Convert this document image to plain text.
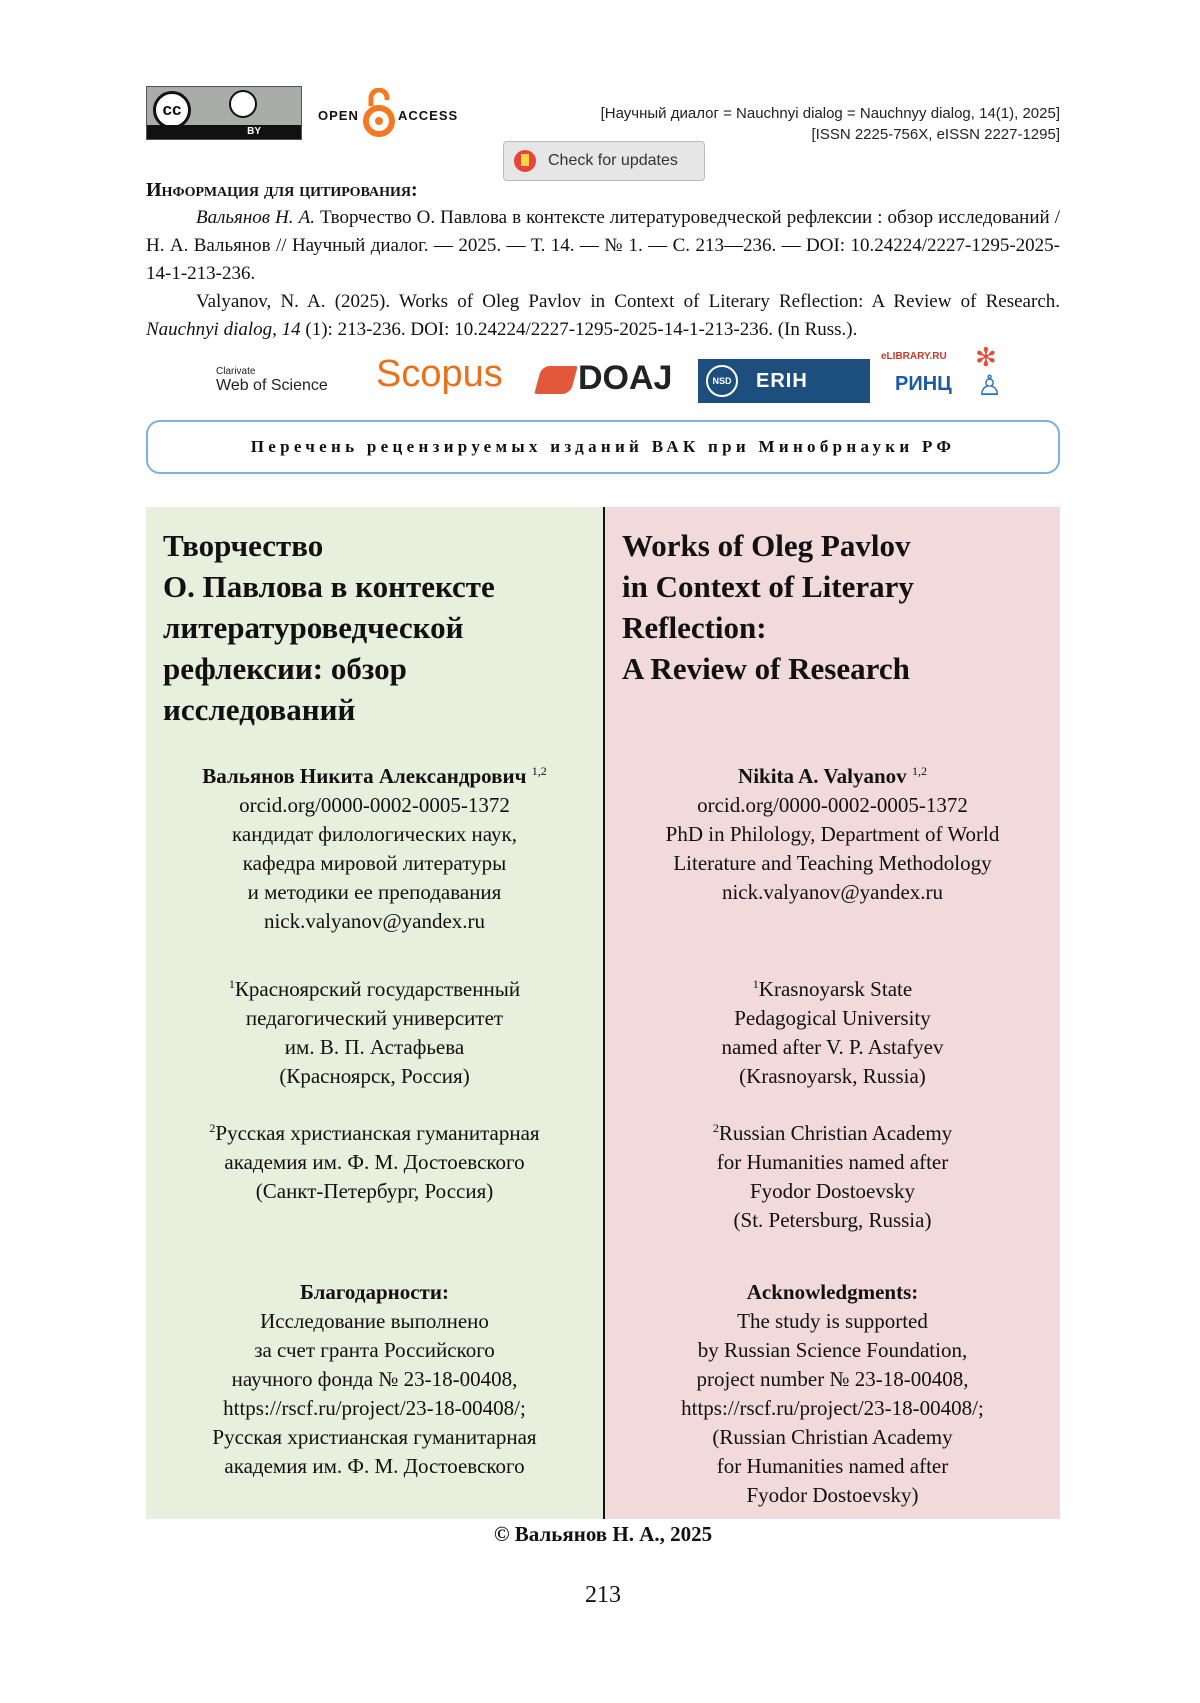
cc
BY
OPEN	ACCESS	[Научный диалог = Nauchnyi dialog = Nauchnyy dialog, 14(1), 2025]
[ISSN 2225-756X, eISSN 2227-1295]
Check for updates
Информация для цитирования:

Вальянов Н. А. Творчество О. Павлова в контексте литературоведческой рефлексии : обзор исследований / Н. А. Вальянов // Научный диалог. — 2025. — Т. 14. — № 1. — С. 213—236. — DOI: 10.24224/2227-1295-2025-14-1-213-236.

Valyanov, N. A. (2025). Works of Oleg Pavlov in Context of Literary Reflection: A Review of Research. Nauchnyi dialog, 14 (1): 213-236. DOI: 10.24224/2227-1295-2025-14-1-213-236. (In Russ.).

Clarivate
Web of Science Scopus	DOAJ	NSD	ERIH PLUS
eLIBRARY.RU
РИНЦ
✻
♙
Перечень рецензируемых изданий ВАК при Минобрнауки РФ
Творчество
О. Павлова в контексте
литературоведческой
рефлексии: обзор
исследований
Вальянов Никита Александрович $^{1,2}$
orcid.org/0000-0002-0005-1372
кандидат филологических наук,
кафедра мировой литературы
и методики ее преподавания
nick.valyanov@yandex.ru
$^1$Красноярский государственный
педагогический университет
им. В. П. Астафьева
(Красноярск, Россия)
$^2$Русская христианская гуманитарная
академия им. Ф. М. Достоевского
(Санкт-Петербург, Россия)
Благодарности:
Исследование выполнено
за счет гранта Российского
научного фонда № 23-18-00408,
https://rscf.ru/project/23-18-00408/;
Русская христианская гуманитарная
академия им. Ф. М. Достоевского
Works of Oleg Pavlov
in Context of Literary
Reflection:
A Review of Research
Nikita A. Valyanov $^{1,2}$
orcid.org/0000-0002-0005-1372
PhD in Philology, Department of World
Literature and Teaching Methodology
nick.valyanov@yandex.ru
$^1$Krasnoyarsk State
Pedagogical University
named after V. P. Astafyev
(Krasnoyarsk, Russia)
$^2$Russian Christian Academy
for Humanities named after
Fyodor Dostoevsky
(St. Petersburg, Russia)
Acknowledgments:
The study is supported
by Russian Science Foundation,
project number № 23-18-00408,
https://rscf.ru/project/23-18-00408/;
(Russian Christian Academy
for Humanities named after
Fyodor Dostoevsky)
© Вальянов Н. А., 2025
213
